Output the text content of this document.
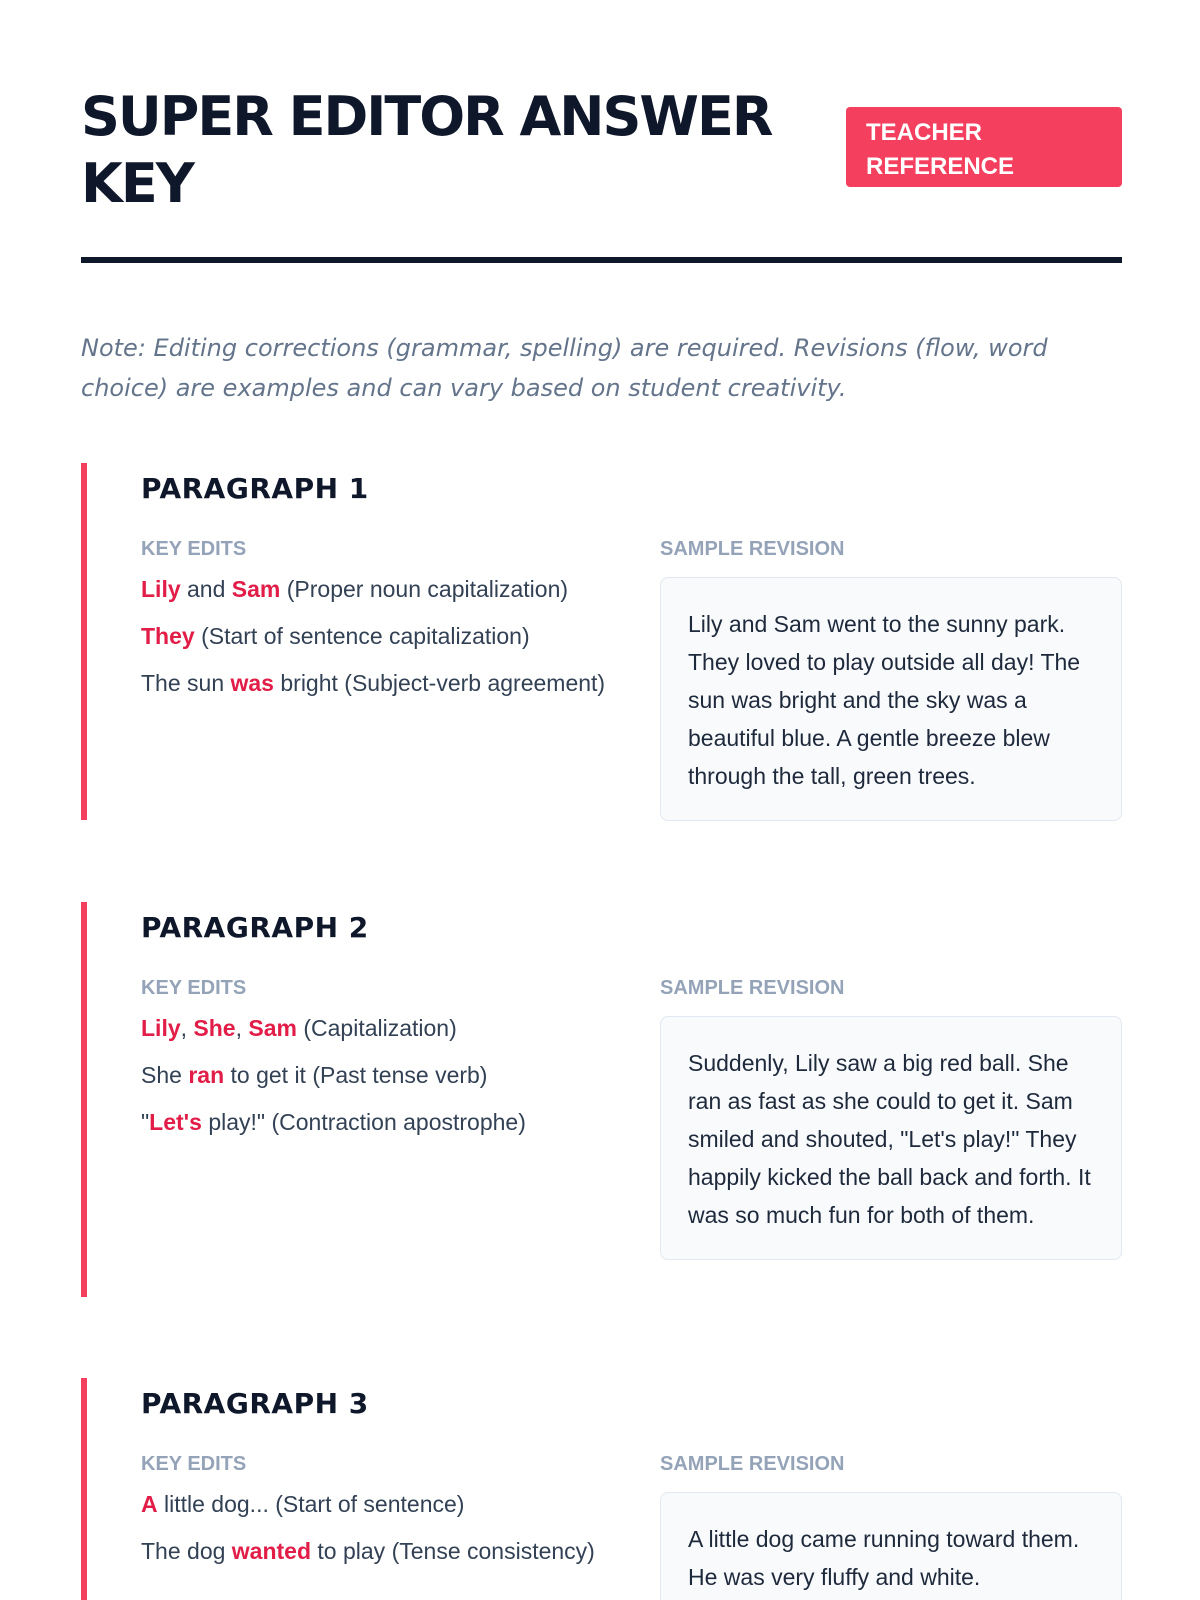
SUPER EDITOR ANSWER KEY
TEACHER REFERENCE

Note: Editing corrections (grammar, spelling) are required. Revisions (flow, word choice) are examples and can vary based on student creativity.

PARAGRAPH 1
KEY EDITS	SAMPLE REVISION
Lily and Sam (Proper noun capitalization)
They (Start of sentence capitalization)
The sun was bright (Subject-verb agreement)

Lily and Sam went to the sunny park. They loved to play outside all day! The sun was bright and the sky was a beautiful blue. A gentle breeze blew through the tall, green trees.

PARAGRAPH 2
KEY EDITS	SAMPLE REVISION
Lily, She, Sam (Capitalization)
She ran to get it (Past tense verb)
"Let's play!" (Contraction apostrophe)

Suddenly, Lily saw a big red ball. She ran as fast as she could to get it. Sam smiled and shouted, "Let's play!" They happily kicked the ball back and forth. It was so much fun for both of them.

PARAGRAPH 3
KEY EDITS	SAMPLE REVISION
A little dog... (Start of sentence)
The dog wanted to play (Tense consistency)	A little dog came running toward them. He was very fluffy and white.
